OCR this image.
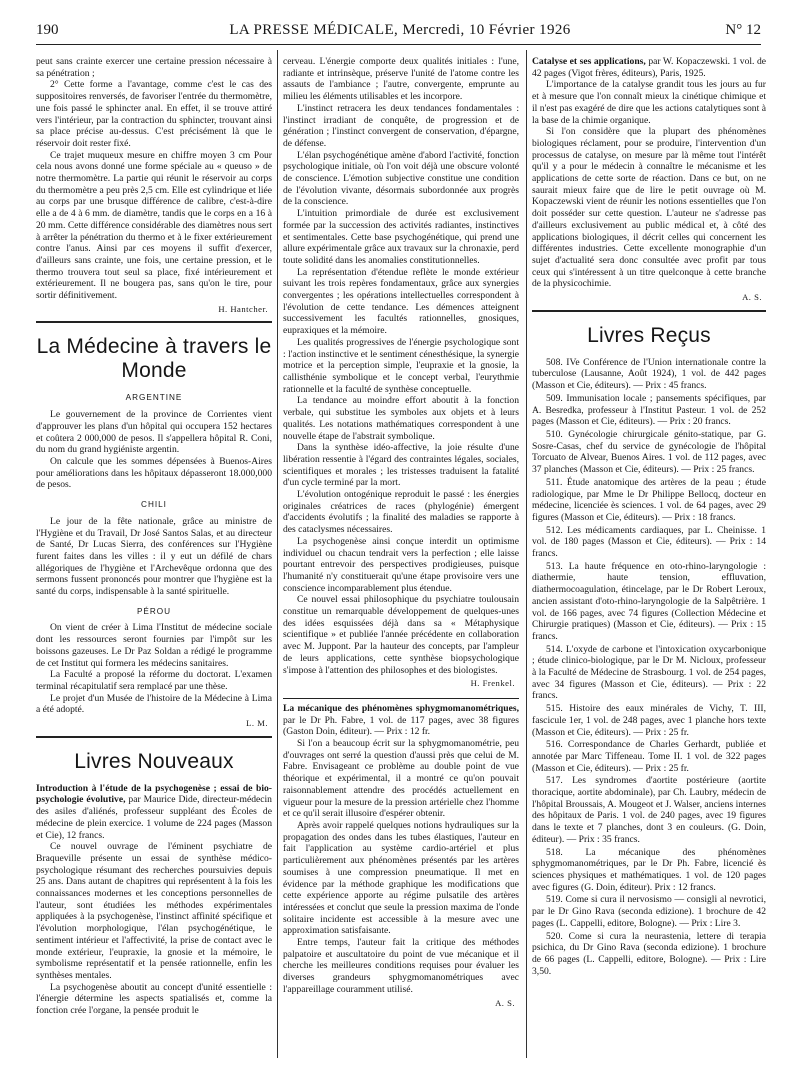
190	LA PRESSE MÉDICALE, Mercredi, 10 Février 1926	N° 12

peut sans crainte exercer une certaine pression nécessaire à sa pénétration ;

2° Cette forme a l'avantage, comme c'est le cas des suppositoires renversés, de favoriser l'entrée du thermomètre, une fois passé le sphincter anal. En effet, il se trouve attiré vers l'intérieur, par la contraction du sphincter, trouvant ainsi sa place précise au-dessus. C'est précisément là que le réservoir doit rester fixé.

Ce trajet muqueux mesure en chiffre moyen 3 cm Pour cela nous avons donné une forme spéciale au « queuso » de notre thermomètre. La partie qui réunit le réservoir au corps du thermomètre a peu près 2,5 cm. Elle est cylindrique et liée au corps par une brusque différence de calibre, c'est-à-dire elle a de 4 à 6 mm. de diamètre, tandis que le corps en a 16 à 20 mm. Cette différence considérable des diamètres nous sert à arrêter la pénétration du thermo et à le fixer extérieurement contre l'anus. Ainsi par ces moyens il suffit d'exercer, d'ailleurs sans crainte, une fois, une certaine pression, et le thermo trouvera tout seul sa place, fixé intérieurement et extérieurement. Il ne bougera pas, sans qu'on le tire, pour sortir définitivement.

H. Hantcher.
La Médecine à travers le Monde
ARGENTINE

Le gouvernement de la province de Corrientes vient d'approuver les plans d'un hôpital qui occupera 152 hectares et coûtera 2 000,000 de pesos. Il s'appellera hôpital R. Coni, du nom du grand hygiéniste argentin.

On calcule que les sommes dépensées à Buenos-Aires pour améliorations dans les hôpitaux dépasseront 18.000,000 de pesos.

CHILI

Le jour de la fête nationale, grâce au ministre de l'Hygiène et du Travail, Dr José Santos Salas, et au directeur de Santé, Dr Lucas Sierra, des conférences sur l'Hygiène furent faites dans les villes : il y eut un défilé de chars allégoriques de l'hygiène et l'Archevêque ordonna que des sermons fussent prononcés pour montrer que l'hygiène est la santé du corps, indispensable à la santé spirituelle.

PÉROU

On vient de créer à Lima l'Institut de médecine sociale dont les ressources seront fournies par l'impôt sur les boissons gazeuses. Le Dr Paz Soldan a rédigé le programme de cet Institut qui formera les médecins sanitaires.

La Faculté a proposé la réforme du doctorat. L'examen terminal récapitulatif sera remplacé par une thèse.

Le projet d'un Musée de l'histoire de la Médecine à Lima a été adopté.

L. M.
Livres Nouveaux

Introduction à l'étude de la psychogenèse ; essai de bio-psychologie évolutive, par Maurice Dide, directeur-médecin des asiles d'aliénés, professeur suppléant des Écoles de médecine de plein exercice. 1 volume de 224 pages (Masson et Cie), 12 francs.

Ce nouvel ouvrage de l'éminent psychiatre de Braqueville présente un essai de synthèse médico-psychologique résumant des recherches poursuivies depuis 25 ans. Dans autant de chapitres qui représentent à la fois les connaissances modernes et les conceptions personnelles de l'auteur, sont étudiées les méthodes expérimentales appliquées à la psychogenèse, l'instinct affinité spécifique et l'évolution morphologique, l'élan psychogénétique, le sentiment intérieur et l'affectivité, la prise de contact avec le monde extérieur, l'eupraxie, la gnosie et la mémoire, le symbolisme représentatif et la pensée rationnelle, enfin les synthèses mentales.

La psychogenèse aboutit au concept d'unité essentielle : l'énergie détermine les aspects spatialisés et, comme la fonction crée l'organe, la pensée produit le

cerveau. L'énergie comporte deux qualités initiales : l'une, radiante et intrinsèque, préserve l'unité de l'atome contre les assauts de l'ambiance ; l'autre, convergente, emprunte au milieu les éléments utilisables et les incorpore.

L'instinct retracera les deux tendances fondamentales : l'instinct irradiant de conquête, de progression et de génération ; l'instinct convergent de conservation, d'épargne, de défense.

L'élan psychogénétique amène d'abord l'activité, fonction psychologique initiale, où l'on voit déjà une obscure volonté de conscience. L'émotion subjective constitue une condition de l'évolution vivante, désormais subordonnée aux progrès de la conscience.

L'intuition primordiale de durée est exclusivement formée par la succession des activités radiantes, instinctives et sentimentales. Cette base psychogénétique, qui prend une allure expérimentale grâce aux travaux sur la chronaxie, perd toute solidité dans les anomalies constitutionnelles.

La représentation d'étendue reflète le monde extérieur suivant les trois repères fondamentaux, grâce aux synergies convergentes ; les opérations intellectuelles correspondent à l'évolution de cette tendance. Les démences atteignent successivement les facultés rationnelles, gnosiques, eupraxiques et la mémoire.

Les qualités progressives de l'énergie psychologique sont : l'action instinctive et le sentiment cénesthésique, la synergie motrice et la perception simple, l'eupraxie et la gnosie, la callisthénie symbolique et le concept verbal, l'eurythmie rationnelle et la faculté de synthèse conceptuelle.

La tendance au moindre effort aboutit à la fonction verbale, qui substitue les symboles aux objets et à leurs qualités. Les notations mathématiques correspondent à une nouvelle étape de l'abstrait symbolique.

Dans la synthèse idéo-affective, la joie résulte d'une libération ressentie à l'égard des contraintes légales, sociales, scientifiques et morales ; les tristesses traduisent la fatalité d'un cycle terminé par la mort.

L'évolution ontogénique reproduit le passé : les énergies originales créatrices de races (phylogénie) émergent d'accidents évolutifs ; la finalité des maladies se rapporte à des cataclysmes nécessaires.

La psychogenèse ainsi conçue interdit un optimisme individuel ou chacun tendrait vers la perfection ; elle laisse pourtant entrevoir des perspectives prodigieuses, puisque l'humanité n'y constituerait qu'une étape provisoire vers une conscience incomparablement plus étendue.

Ce nouvel essai philosophique du psychiatre toulousain constitue un remarquable développement de quelques-unes des idées esquissées déjà dans sa « Métaphysique scientifique » et publiée l'année précédente en collaboration avec M. Juppont. Par la hauteur des concepts, par l'ampleur de leurs applications, cette synthèse biopsychologique s'impose à l'attention des philosophes et des biologistes.

H. Frenkel.

La mécanique des phénomènes sphygmomanométriques, par le Dr Ph. Fabre, 1 vol. de 117 pages, avec 38 figures (Gaston Doin, éditeur). — Prix : 12 fr.

Si l'on a beaucoup écrit sur la sphygmomanométrie, peu d'ouvrages ont serré la question d'aussi près que celui de M. Fabre. Envisageant ce problème au double point de vue théorique et expérimental, il a montré ce qu'on pouvait raisonnablement attendre des procédés actuellement en vigueur pour la mesure de la pression artérielle chez l'homme et ce qu'il serait illusoire d'espérer obtenir.

Après avoir rappelé quelques notions hydrauliques sur la propagation des ondes dans les tubes élastiques, l'auteur en fait l'application au système cardio-artériel et plus particulièrement aux phénomènes présentés par les artères soumises à une compression pneumatique. Il met en évidence par la méthode graphique les modifications que cette expérience apporte au régime pulsatile des artères intéressées et conclut que seule la pression maxima de l'onde solitaire incidente est accessible à la mesure avec une approximation satisfaisante.

Entre temps, l'auteur fait la critique des méthodes palpatoire et auscultatoire du point de vue mécanique et il cherche les meilleures conditions requises pour évaluer les diverses grandeurs sphygmomanométriques avec l'appareillage couramment utilisé.

A. S.

Catalyse et ses applications, par W. Kopaczewski. 1 vol. de 42 pages (Vigot frères, éditeurs), Paris, 1925.

L'importance de la catalyse grandit tous les jours au fur et à mesure que l'on connaît mieux la cinétique chimique et il n'est pas exagéré de dire que les actions catalytiques sont à la base de la chimie organique.

Si l'on considère que la plupart des phénomènes biologiques réclament, pour se produire, l'intervention d'un processus de catalyse, on mesure par là même tout l'intérêt qu'il y a pour le médecin à connaître le mécanisme et les applications de cette sorte de réaction. Dans ce but, on ne saurait mieux faire que de lire le petit ouvrage où M. Kopaczewski vient de réunir les notions essentielles que l'on doit posséder sur cette question. L'auteur ne s'adresse pas d'ailleurs exclusivement au public médical et, à côté des applications biologiques, il décrit celles qui concernent les différentes industries. Cette excellente monographie d'un sujet d'actualité sera donc consultée avec profit par tous ceux qui s'intéressent à un titre quelconque à cette branche de la physicochimie.

A. S.
Livres Reçus

508. IVe Conférence de l'Union internationale contre la tuberculose (Lausanne, Août 1924), 1 vol. de 442 pages (Masson et Cie, éditeurs). — Prix : 45 francs.

509. Immunisation locale ; pansements spécifiques, par A. Besredka, professeur à l'Institut Pasteur. 1 vol. de 252 pages (Masson et Cie, éditeurs). — Prix : 20 francs.

510. Gynécologie chirurgicale génito-statique, par G. Sosre-Casas, chef du service de gynécologie de l'hôpital Torcuato de Alvear, Buenos Aires. 1 vol. de 112 pages, avec 37 planches (Masson et Cie, éditeurs). — Prix : 25 francs.

511. Étude anatomique des artères de la peau ; étude radiologique, par Mme le Dr Philippe Bellocq, docteur en médecine, licenciée ès sciences. 1 vol. de 64 pages, avec 29 figures (Masson et Cie, éditeurs). — Prix : 18 francs.

512. Les médicaments cardiaques, par L. Cheinisse. 1 vol. de 180 pages (Masson et Cie, éditeurs). — Prix : 14 francs.

513. La haute fréquence en oto-rhino-laryngologie : diathermie, haute tension, effluvation, diathermocoagulation, étincelage, par le Dr Robert Leroux, ancien assistant d'oto-rhino-laryngologie de la Salpêtrière. 1 vol. de 166 pages, avec 74 figures (Collection Médecine et Chirurgie pratiques) (Masson et Cie, éditeurs). — Prix : 15 francs.

514. L'oxyde de carbone et l'intoxication oxycarbonique ; étude clinico-biologique, par le Dr M. Nicloux, professeur à la Faculté de Médecine de Strasbourg. 1 vol. de 254 pages, avec 34 figures (Masson et Cie, éditeurs). — Prix : 22 francs.

515. Histoire des eaux minérales de Vichy, T. III, fascicule 1er, 1 vol. de 248 pages, avec 1 planche hors texte (Masson et Cie, éditeurs). — Prix : 25 fr.

516. Correspondance de Charles Gerhardt, publiée et annotée par Marc Tiffeneau. Tome II. 1 vol. de 322 pages (Masson et Cie, éditeurs). — Prix : 25 fr.

517. Les syndromes d'aortite postérieure (aortite thoracique, aortite abdominale), par Ch. Laubry, médecin de l'hôpital Broussais, A. Mougeot et J. Walser, anciens internes des hôpitaux de Paris. 1 vol. de 240 pages, avec 19 figures dans le texte et 7 planches, dont 3 en couleurs. (G. Doin, éditeur). — Prix : 35 francs.

518. La mécanique des phénomènes sphygmomanométriques, par le Dr Ph. Fabre, licencié ès sciences physiques et mathématiques. 1 vol. de 120 pages avec figures (G. Doin, éditeur). Prix : 12 francs.

519. Come si cura il nervosismo — consigli al nevrotici, par le Dr Gino Rava (seconda edizione). 1 brochure de 42 pages (L. Cappelli, editore, Bologne). — Prix : Lire 3.

520. Come si cura la neurastenia, lettere di terapia psichica, du Dr Gino Rava (seconda edizione). 1 brochure de 66 pages (L. Cappelli, editore, Bologne). — Prix : Lire 3,50.
